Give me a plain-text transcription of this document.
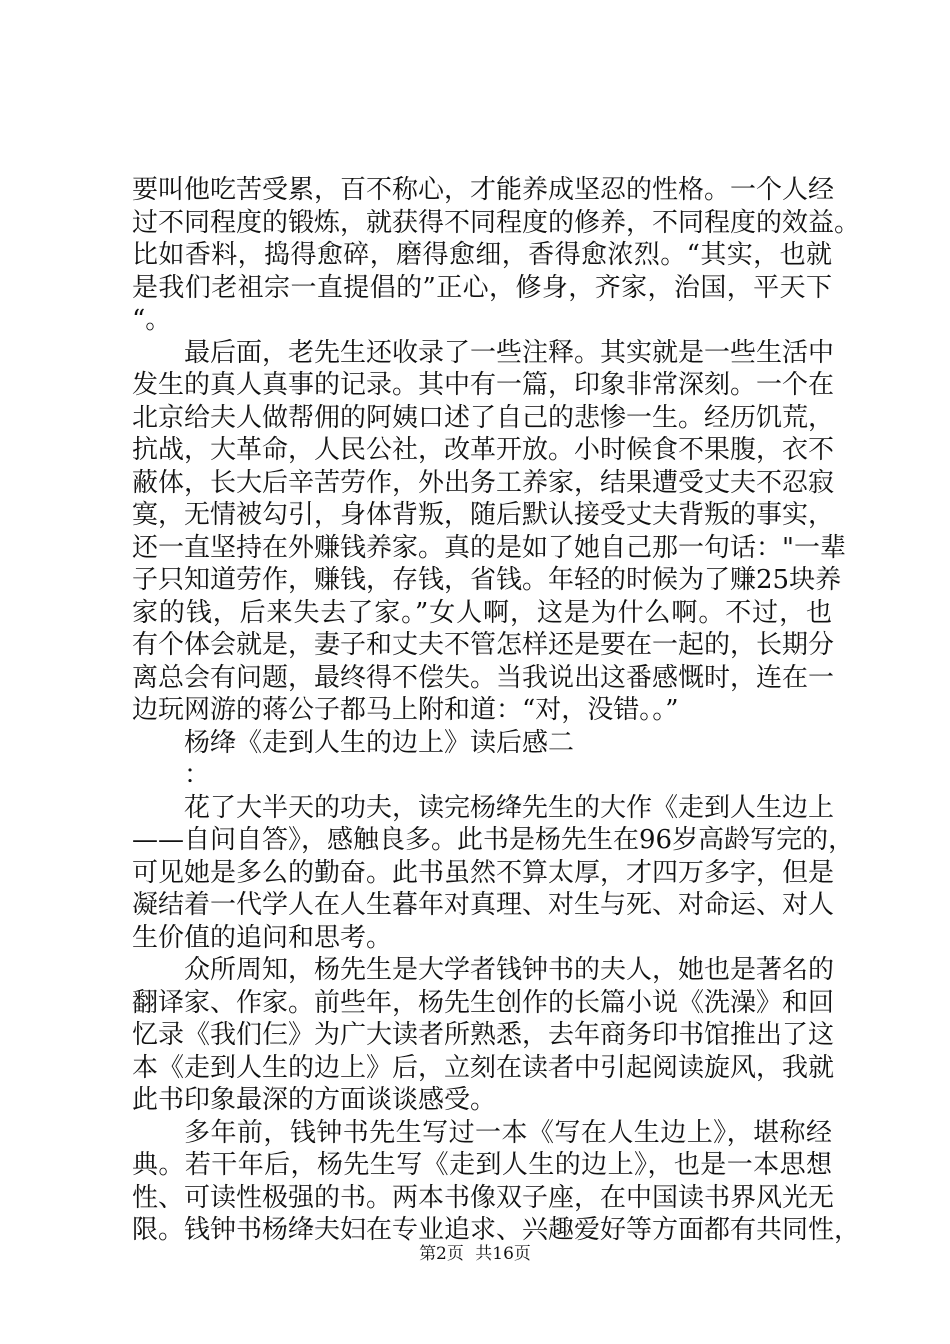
要叫他吃苦受累，百不称心，才能养成坚忍的性格。一个人经
过不同程度的锻炼，就获得不同程度的修养，不同程度的效益。
比如香料，捣得愈碎，磨得愈细，香得愈浓烈。“其实，也就
是我们老祖宗一直提倡的”正心，修身，齐家，治国，平天下
“。
最后面，老先生还收录了一些注释。其实就是一些生活中
发生的真人真事的记录。其中有一篇，印象非常深刻。一个在
北京给夫人做帮佣的阿姨口述了自己的悲惨一生。经历饥荒，
抗战，大革命，人民公社，改革开放。小时候食不果腹，衣不
蔽体，长大后辛苦劳作，外出务工养家，结果遭受丈夫不忍寂
寞，无情被勾引，身体背叛，随后默认接受丈夫背叛的事实，
还一直坚持在外赚钱养家。真的是如了她自己那一句话："一辈
子只知道劳作，赚钱，存钱，省钱。年轻的时候为了赚25块养
家的钱，后来失去了家。”女人啊，这是为什么啊。不过，也
有个体会就是，妻子和丈夫不管怎样还是要在一起的，长期分
离总会有问题，最终得不偿失。当我说出这番感慨时，连在一
边玩网游的蒋公子都马上附和道：“对，没错。。”
杨绛《走到人生的边上》读后感二
：
花了大半天的功夫，读完杨绛先生的大作《走到人生边上
——自问自答》，感触良多。此书是杨先生在96岁高龄写完的，
可见她是多么的勤奋。此书虽然不算太厚，才四万多字，但是
凝结着一代学人在人生暮年对真理、对生与死、对命运、对人
生价值的追问和思考。
众所周知，杨先生是大学者钱钟书的夫人，她也是著名的
翻译家、作家。前些年，杨先生创作的长篇小说《洗澡》和回
忆录《我们仨》为广大读者所熟悉，去年商务印书馆推出了这
本《走到人生的边上》后，立刻在读者中引起阅读旋风，我就
此书印象最深的方面谈谈感受。
多年前，钱钟书先生写过一本《写在人生边上》，堪称经
典。若干年后，杨先生写《走到人生的边上》，也是一本思想
性、可读性极强的书。两本书像双子座，在中国读书界风光无
限。钱钟书杨绛夫妇在专业追求、兴趣爱好等方面都有共同性，
第2页 共16页
